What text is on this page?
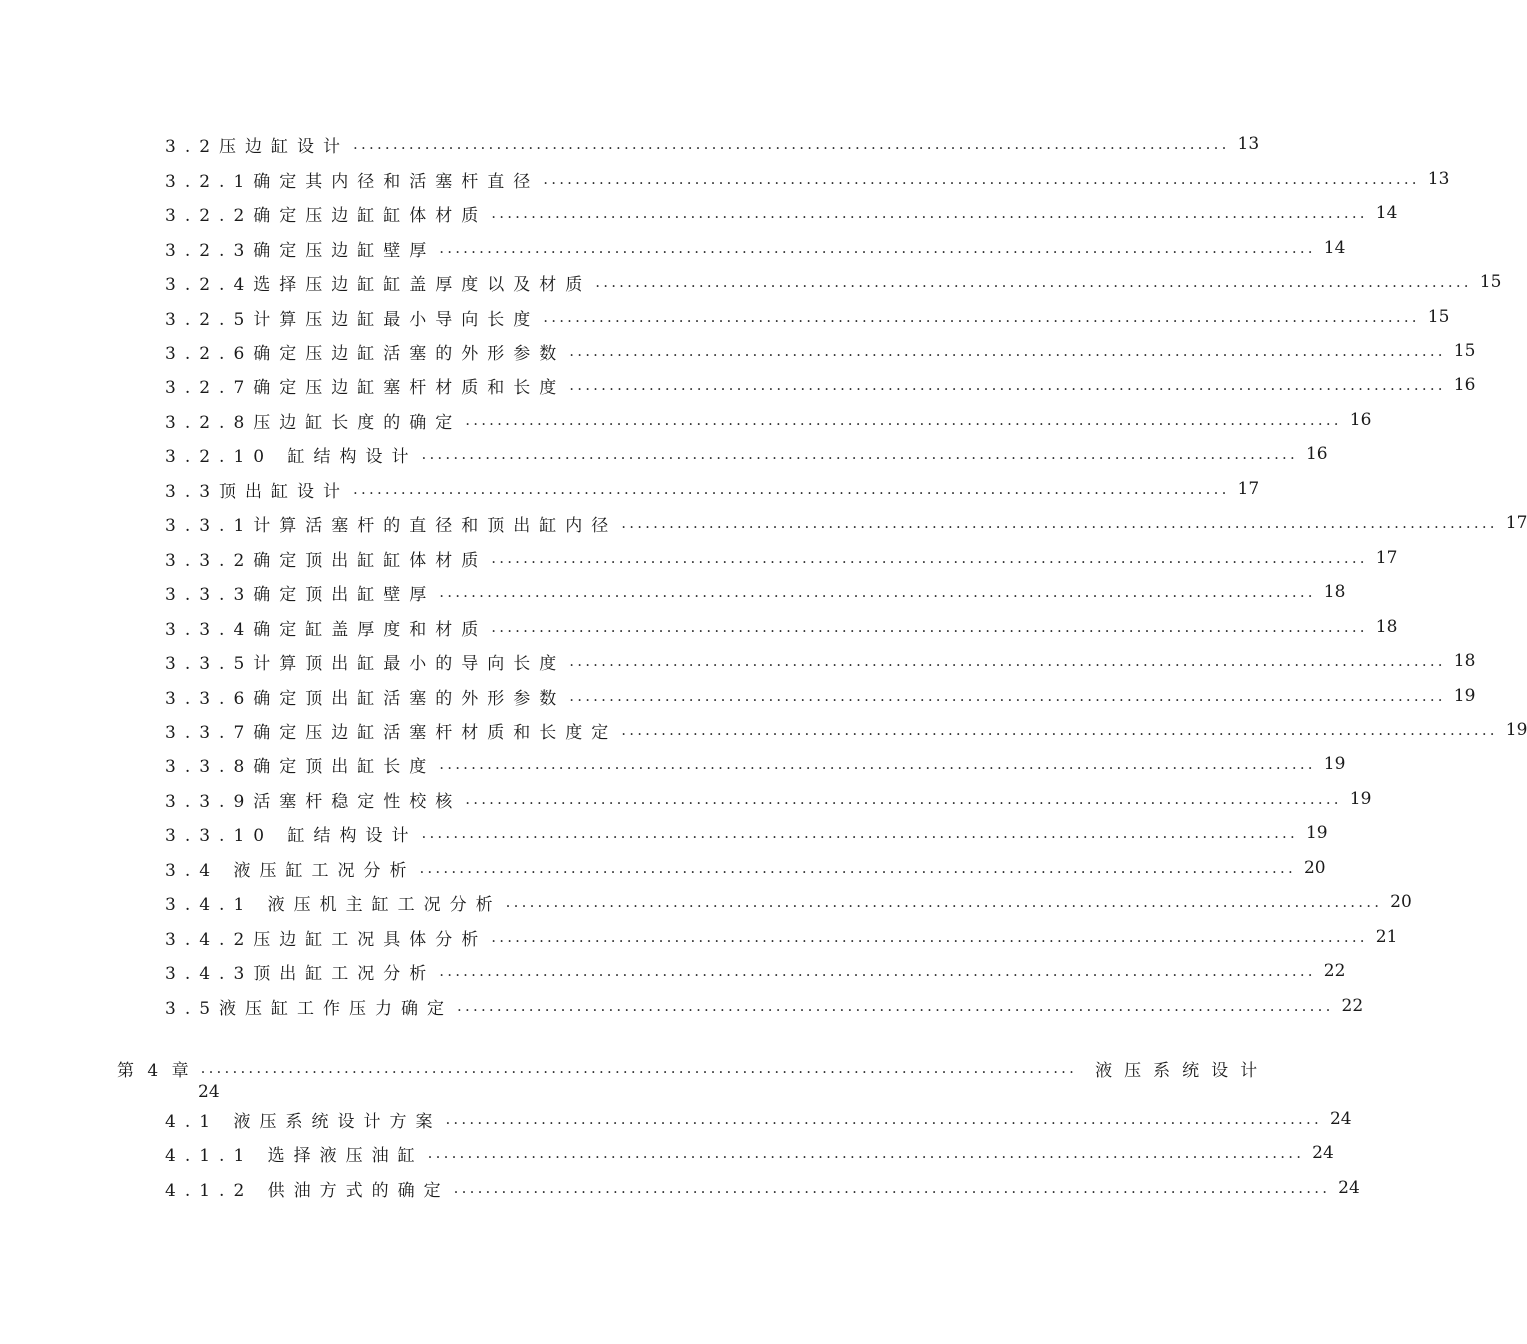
3.2压边缸设计 .............................................................................................................. 13
3.2.1确定其内径和活塞杆直径 .............................................................................................................. 13
3.2.2确定压边缸缸体材质 .............................................................................................................. 14
3.2.3确定压边缸壁厚 .............................................................................................................. 14
3.2.4选择压边缸缸盖厚度以及材质 .............................................................................................................. 15
3.2.5计算压边缸最小导向长度 .............................................................................................................. 15
3.2.6确定压边缸活塞的外形参数 .............................................................................................................. 15
3.2.7确定压边缸塞杆材质和长度 .............................................................................................................. 16
3.2.8压边缸长度的确定 .............................................................................................................. 16
3.2.10 缸结构设计 .............................................................................................................. 16
3.3顶出缸设计 .............................................................................................................. 17
3.3.1计算活塞杆的直径和顶出缸内径 .............................................................................................................. 17
3.3.2确定顶出缸缸体材质 .............................................................................................................. 17
3.3.3确定顶出缸壁厚 .............................................................................................................. 18
3.3.4确定缸盖厚度和材质 .............................................................................................................. 18
3.3.5计算顶出缸最小的导向长度 .............................................................................................................. 18
3.3.6确定顶出缸活塞的外形参数 .............................................................................................................. 19
3.3.7确定压边缸活塞杆材质和长度定 .............................................................................................................. 19
3.3.8确定顶出缸长度 .............................................................................................................. 19
3.3.9活塞杆稳定性校核 .............................................................................................................. 19
3.3.10 缸结构设计 .............................................................................................................. 19
3.4 液压缸工况分析 .............................................................................................................. 20
3.4.1 液压机主缸工况分析 .............................................................................................................. 20
3.4.2压边缸工况具体分析 .............................................................................................................. 21
3.4.3顶出缸工况分析 .............................................................................................................. 22
3.5液压缸工作压力确定 .............................................................................................................. 22
第 4 章 .............................................................................................................. 液压系统设计
24
4.1 液压系统设计方案 .............................................................................................................. 24
4.1.1 选择液压油缸 .............................................................................................................. 24
4.1.2 供油方式的确定 .............................................................................................................. 24
